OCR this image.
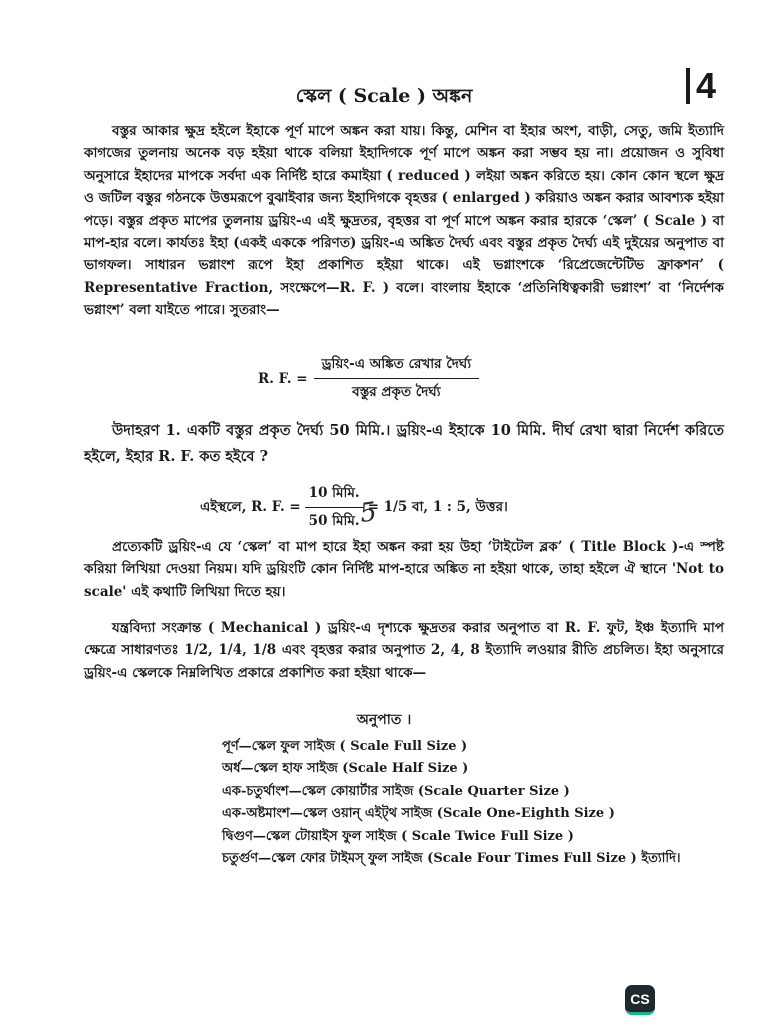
স্কেল ( Scale ) অঙ্কন	4
বস্তুর আকার ক্ষুদ্র হইলে ইহাকে পূর্ণ মাপে অঙ্কন করা যায়। কিন্তু, মেশিন বা ইহার অংশ, বাড়ী, সেতু, জমি ইত্যাদি কাগজের তুলনায় অনেক বড় হইয়া থাকে বলিয়া ইহাদিগকে পূর্ণ মাপে অঙ্কন করা সম্ভব হয় না। প্রয়োজন ও সুবিধা অনুসারে ইহাদের মাপকে সর্বদা এক নির্দিষ্ট হারে কমাইয়া ( reduced ) লইয়া অঙ্কন করিতে হয়। কোন কোন স্থলে ক্ষুদ্র ও জটিল বস্তুর গঠনকে উত্তমরূপে বুঝাইবার জন্য ইহাদিগকে বৃহত্তর ( enlarged ) করিয়াও অঙ্কন করার আবশ্যক হইয়া পড়ে। বস্তুর প্রকৃত মাপের তুলনায় ড্রয়িং-এ এই ক্ষুদ্রতর, বৃহত্তর বা পূর্ণ মাপে অঙ্কন করার হারকে ‘স্কেল’ ( Scale ) বা মাপ-হার বলে। কার্যতঃ ইহা (একই এককে পরিণত) ড্রয়িং-এ অঙ্কিত দৈর্ঘ্য এবং বস্তুর প্রকৃত দৈর্ঘ্য এই দুইয়ের অনুপাত বা ভাগফল। সাধারন ভগ্নাংশ রূপে ইহা প্রকাশিত হইয়া থাকে। এই ভগ্নাংশকে ‘রিপ্রেজেন্টেটিভ ফ্রাকশন’ ( Representative Fraction, সংক্ষেপে—R. F. ) বলে। বাংলায় ইহাকে ‘প্রতিনিধিত্বকারী ভগ্নাংশ’ বা ‘নির্দেশক ভগ্নাংশ’ বলা যাইতে পারে। সুতরাং—
R. F. = $\frac{\text{ড্রয়িং-এ অঙ্কিত রেখার দৈর্ঘ্য}}{\text{বস্তুর প্রকৃত দৈর্ঘ্য}}$
উদাহরণ 1. একটি বস্তুর প্রকৃত দৈর্ঘ্য 50 মিমি.। ড্রয়িং-এ ইহাকে 10 মিমি. দীর্ঘ রেখা দ্বারা নির্দেশ করিতে হইলে, ইহার R. F. কত হইবে ?
এইস্থলে, R. F. = $\frac{\text{10 মিমি.}}{\text{50 মিমি.}} = 1/5$ বা, 1 : 5, উত্তর।
5
প্রত্যেকটি ড্রয়িং-এ যে ‘স্কেল’ বা মাপ হারে ইহা অঙ্কন করা হয় উহা ‘টাইটেল ব্লক’ ( Title Block )-এ স্পষ্ট করিয়া লিখিয়া দেওয়া নিয়ম। যদি ড্রয়িংটি কোন নির্দিষ্ট মাপ-হারে অঙ্কিত না হইয়া থাকে, তাহা হইলে ঐ স্থানে 'Not to scale' এই কথাটি লিখিয়া দিতে হয়।
যন্ত্রবিদ্যা সংক্রান্ত ( Mechanical ) ড্রয়িং-এ দৃশ্যকে ক্ষুদ্রতর করার অনুপাত বা R. F. ফুট, ইঞ্চ ইত্যাদি মাপ ক্ষেত্রে সাধারণতঃ 1/2, 1/4, 1/8 এবং বৃহত্তর করার অনুপাত 2, 4, 8 ইত্যাদি লওয়ার রীতি প্রচলিত। ইহা অনুসারে ড্রয়িং-এ স্কেলকে নিম্নলিখিত প্রকারে প্রকাশিত করা হইয়া থাকে—
অনুপাত ।
পূর্ণ—স্কেল ফুল সাইজ ( Scale Full Size )
অর্ধ—স্কেল হাফ সাইজ (Scale Half Size )
এক-চতুর্থাংশ—স্কেল কোয়ার্টার সাইজ (Scale Quarter Size )
এক-অষ্টমাংশ—স্কেল ওয়ান্ এইট্থ সাইজ (Scale One-Eighth Size )
দ্বিগুণ—স্কেল টোয়াইস ফুল সাইজ ( Scale Twice Full Size )
চতুর্গুণ—স্কেল ফোর টাইমস্ ফুল সাইজ (Scale Four Times Full Size ) ইত্যাদি।
CS
